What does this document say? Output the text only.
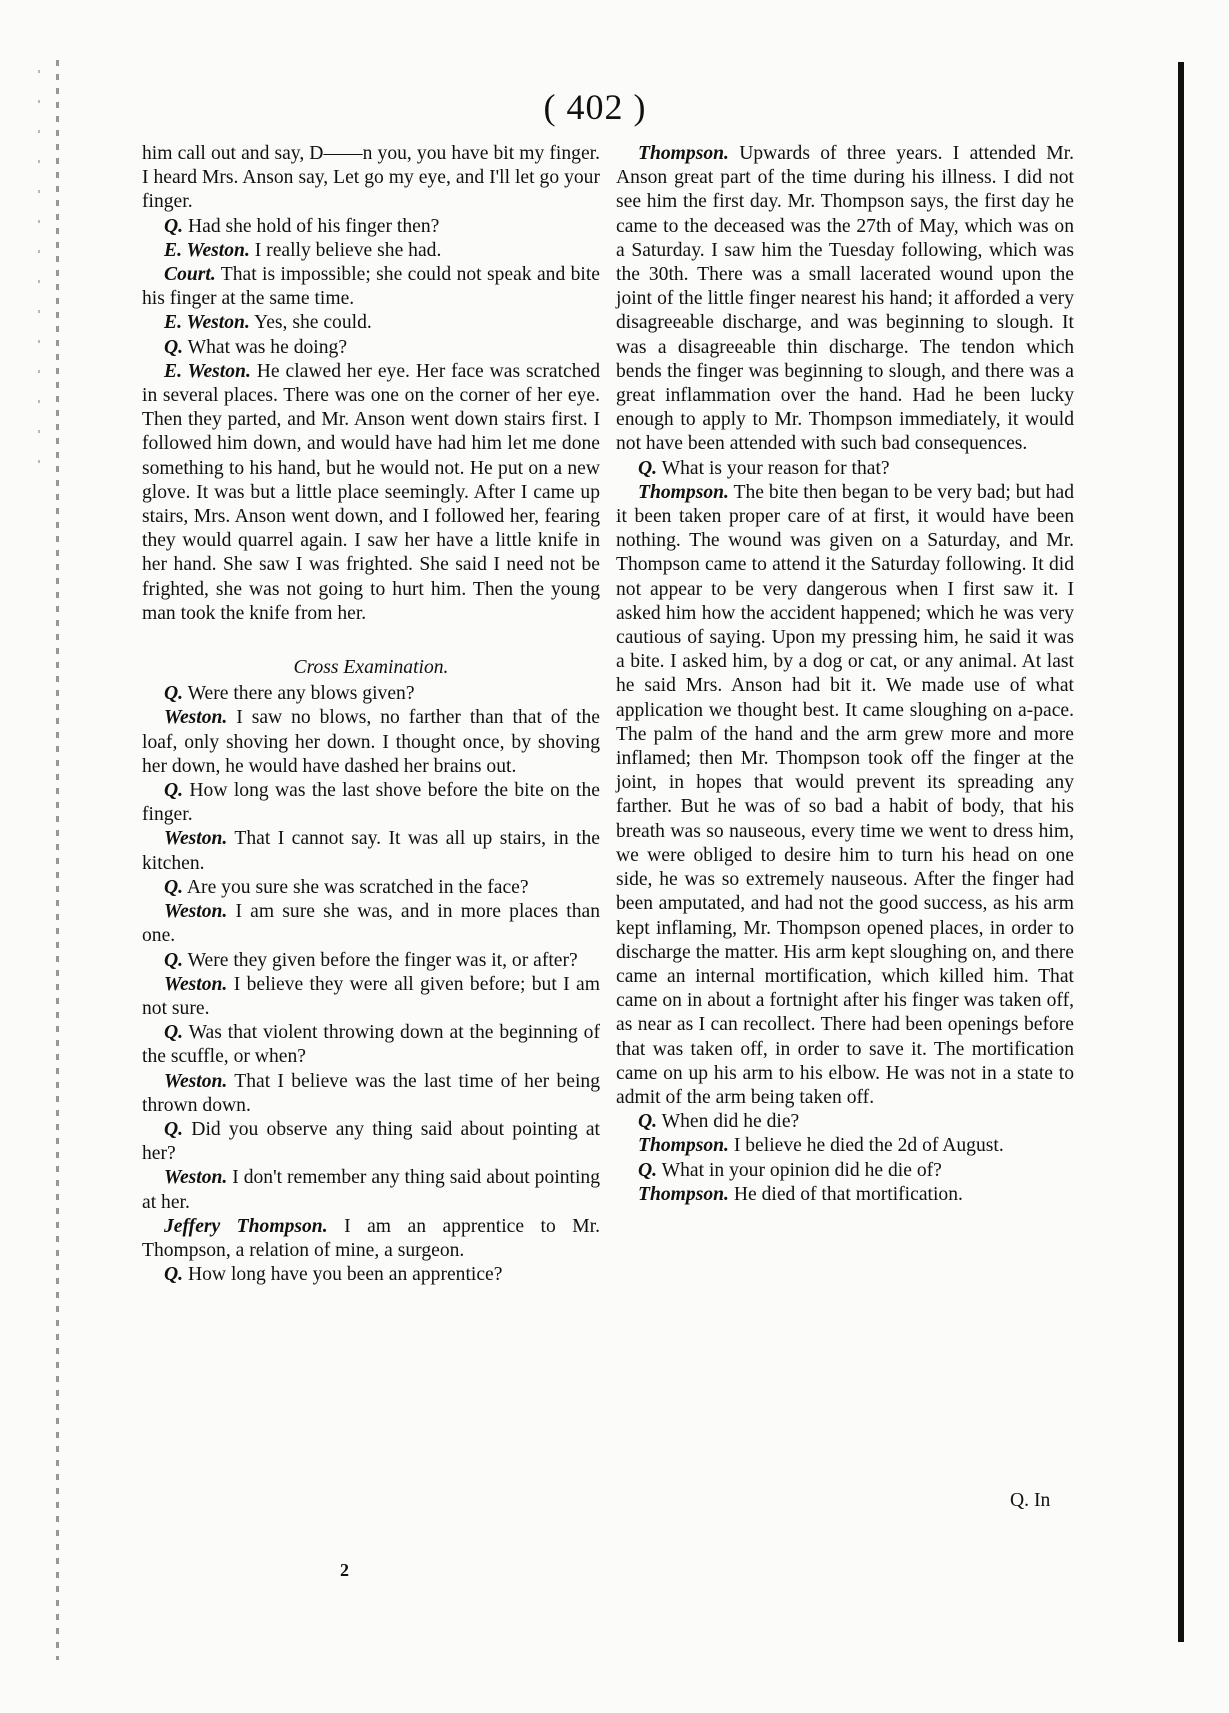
( 402 )

him call out and say, D——n you, you have bit my finger. I heard Mrs. Anson say, Let go my eye, and I'll let go your finger.

Q. Had she hold of his finger then?

E. Weston. I really believe she had.

Court. That is impossible; she could not speak and bite his finger at the same time.

E. Weston. Yes, she could.

Q. What was he doing?

E. Weston. He clawed her eye. Her face was scratched in several places. There was one on the corner of her eye. Then they parted, and Mr. Anson went down stairs first. I followed him down, and would have had him let me done something to his hand, but he would not. He put on a new glove. It was but a little place seemingly. After I came up stairs, Mrs. Anson went down, and I followed her, fearing they would quarrel again. I saw her have a little knife in her hand. She saw I was frighted. She said I need not be frighted, she was not going to hurt him. Then the young man took the knife from her.

Cross Examination.

Q. Were there any blows given?

Weston. I saw no blows, no farther than that of the loaf, only shoving her down. I thought once, by shoving her down, he would have dashed her brains out.

Q. How long was the last shove before the bite on the finger.

Weston. That I cannot say. It was all up stairs, in the kitchen.

Q. Are you sure she was scratched in the face?

Weston. I am sure she was, and in more places than one.

Q. Were they given before the finger was it, or after?

Weston. I believe they were all given before; but I am not sure.

Q. Was that violent throwing down at the beginning of the scuffle, or when?

Weston. That I believe was the last time of her being thrown down.

Q. Did you observe any thing said about pointing at her?

Weston. I don't remember any thing said about pointing at her.

Jeffery Thompson. I am an apprentice to Mr. Thompson, a relation of mine, a surgeon.

Q. How long have you been an apprentice?

Thompson. Upwards of three years. I attended Mr. Anson great part of the time during his illness. I did not see him the first day. Mr. Thompson says, the first day he came to the deceased was the 27th of May, which was on a Saturday. I saw him the Tuesday following, which was the 30th. There was a small lacerated wound upon the joint of the little finger nearest his hand; it afforded a very disagreeable discharge, and was beginning to slough. It was a disagreeable thin discharge. The tendon which bends the finger was beginning to slough, and there was a great inflammation over the hand. Had he been lucky enough to apply to Mr. Thompson immediately, it would not have been attended with such bad consequences.

Q. What is your reason for that?

Thompson. The bite then began to be very bad; but had it been taken proper care of at first, it would have been nothing. The wound was given on a Saturday, and Mr. Thompson came to attend it the Saturday following. It did not appear to be very dangerous when I first saw it. I asked him how the accident happened; which he was very cautious of saying. Upon my pressing him, he said it was a bite. I asked him, by a dog or cat, or any animal. At last he said Mrs. Anson had bit it. We made use of what application we thought best. It came sloughing on a-pace. The palm of the hand and the arm grew more and more inflamed; then Mr. Thompson took off the finger at the joint, in hopes that would prevent its spreading any farther. But he was of so bad a habit of body, that his breath was so nauseous, every time we went to dress him, we were obliged to desire him to turn his head on one side, he was so extremely nauseous. After the finger had been amputated, and had not the good success, as his arm kept inflaming, Mr. Thompson opened places, in order to discharge the matter. His arm kept sloughing on, and there came an internal mortification, which killed him. That came on in about a fortnight after his finger was taken off, as near as I can recollect. There had been openings before that was taken off, in order to save it. The mortification came on up his arm to his elbow. He was not in a state to admit of the arm being taken off.

Q. When did he die?

Thompson. I believe he died the 2d of August.

Q. What in your opinion did he die of?

Thompson. He died of that mortification.

Q. In
2
